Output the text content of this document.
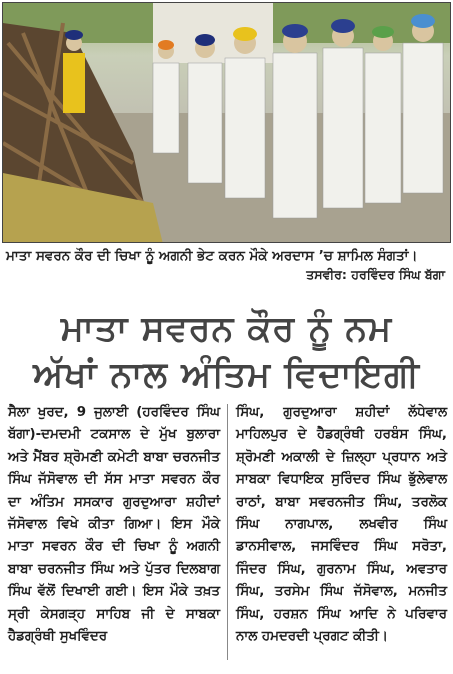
ਮਾਤਾ ਸਵਰਨ ਕੌਰ ਦੀ ਚਿਖਾ ਨੂੰ ਅਗਨੀ ਭੇਟ ਕਰਨ ਮੌਕੇ ਅਰਦਾਸ ’ਚ ਸ਼ਾਮਿਲ ਸੰਗਤਾਂ।
ਤਸਵੀਰ: ਹਰਵਿੰਦਰ ਸਿੰਘ ਬੱਗਾ
ਮਾਤਾ ਸਵਰਨ ਕੌਰ ਨੂੰ ਨਮ
ਅੱਖਾਂ ਨਾਲ ਅੰਤਿਮ ਵਿਦਾਇਗੀ
ਸੈਲਾ ਖੁਰਦ, 9 ਜੁਲਾਈ (ਹਰਵਿੰਦਰ ਸਿੰਘ ਬੱਗਾ)-ਦਮਦਮੀ ਟਕਸਾਲ ਦੇ ਮੁੱਖ ਬੁਲਾਰਾ ਅਤੇ ਮੈਂਬਰ ਸ਼੍ਰੋਮਣੀ ਕਮੇਟੀ ਬਾਬਾ ਚਰਨਜੀਤ ਸਿੰਘ ਜੱਸੋਵਾਲ ਦੀ ਸੱਸ ਮਾਤਾ ਸਵਰਨ ਕੌਰ ਦਾ ਅੰਤਿਮ ਸਸਕਾਰ ਗੁਰਦੁਆਰਾ ਸ਼ਹੀਦਾਂ ਜੱਸੋਵਾਲ ਵਿਖੇ ਕੀਤਾ ਗਿਆ। ਇਸ ਮੌਕੇ ਮਾਤਾ ਸਵਰਨ ਕੌਰ ਦੀ ਚਿਖਾ ਨੂੰ ਅਗਨੀ ਬਾਬਾ ਚਰਨਜੀਤ ਸਿੰਘ ਅਤੇ ਪੁੱਤਰ ਦਿਲਬਾਗ ਸਿੰਘ ਵੱਲੋਂ ਦਿਖਾਈ ਗਈ। ਇਸ ਮੌਕੇ ਤਖ਼ਤ ਸ੍ਰੀ ਕੇਸਗੜ੍ਹ ਸਾਹਿਬ ਜੀ ਦੇ ਸਾਬਕਾ ਹੈਡਗ੍ਰੰਥੀ ਸੁਖਵਿੰਦਰ
ਸਿੰਘ, ਗੁਰਦੁਆਰਾ ਸ਼ਹੀਦਾਂ ਲੱਧੇਵਾਲ ਮਾਹਿਲਪੁਰ ਦੇ ਹੈਡਗ੍ਰੰਥੀ ਹਰਬੰਸ ਸਿੰਘ, ਸ਼੍ਰੋਮਣੀ ਅਕਾਲੀ ਦੇ ਜ਼ਿਲ੍ਹਾ ਪ੍ਰਧਾਨ ਅਤੇ ਸਾਬਕਾ ਵਿਧਾਇਕ ਸੁਰਿੰਦਰ ਸਿੰਘ ਭੁੱਲੇਵਾਲ ਰਾਠਾਂ, ਬਾਬਾ ਸਵਰਨਜੀਤ ਸਿੰਘ, ਤਰਲੋਕ ਸਿੰਘ ਨਾਗਪਾਲ, ਲਖਵੀਰ ਸਿੰਘ ਡਾਨਸੀਵਾਲ, ਜਸਵਿੰਦਰ ਸਿੰਘ ਸਰੋਤਾ, ਜਿੰਦਰ ਸਿੰਘ, ਗੁਰਨਾਮ ਸਿੰਘ, ਅਵਤਾਰ ਸਿੰਘ, ਤਰਸੇਮ ਸਿੰਘ ਜੱਸੋਵਾਲ, ਮਨਜੀਤ ਸਿੰਘ, ਹਰਸ਼ਨ ਸਿੰਘ ਆਦਿ ਨੇ ਪਰਿਵਾਰ ਨਾਲ ਹਮਦਰਦੀ ਪ੍ਰਗਟ ਕੀਤੀ।
